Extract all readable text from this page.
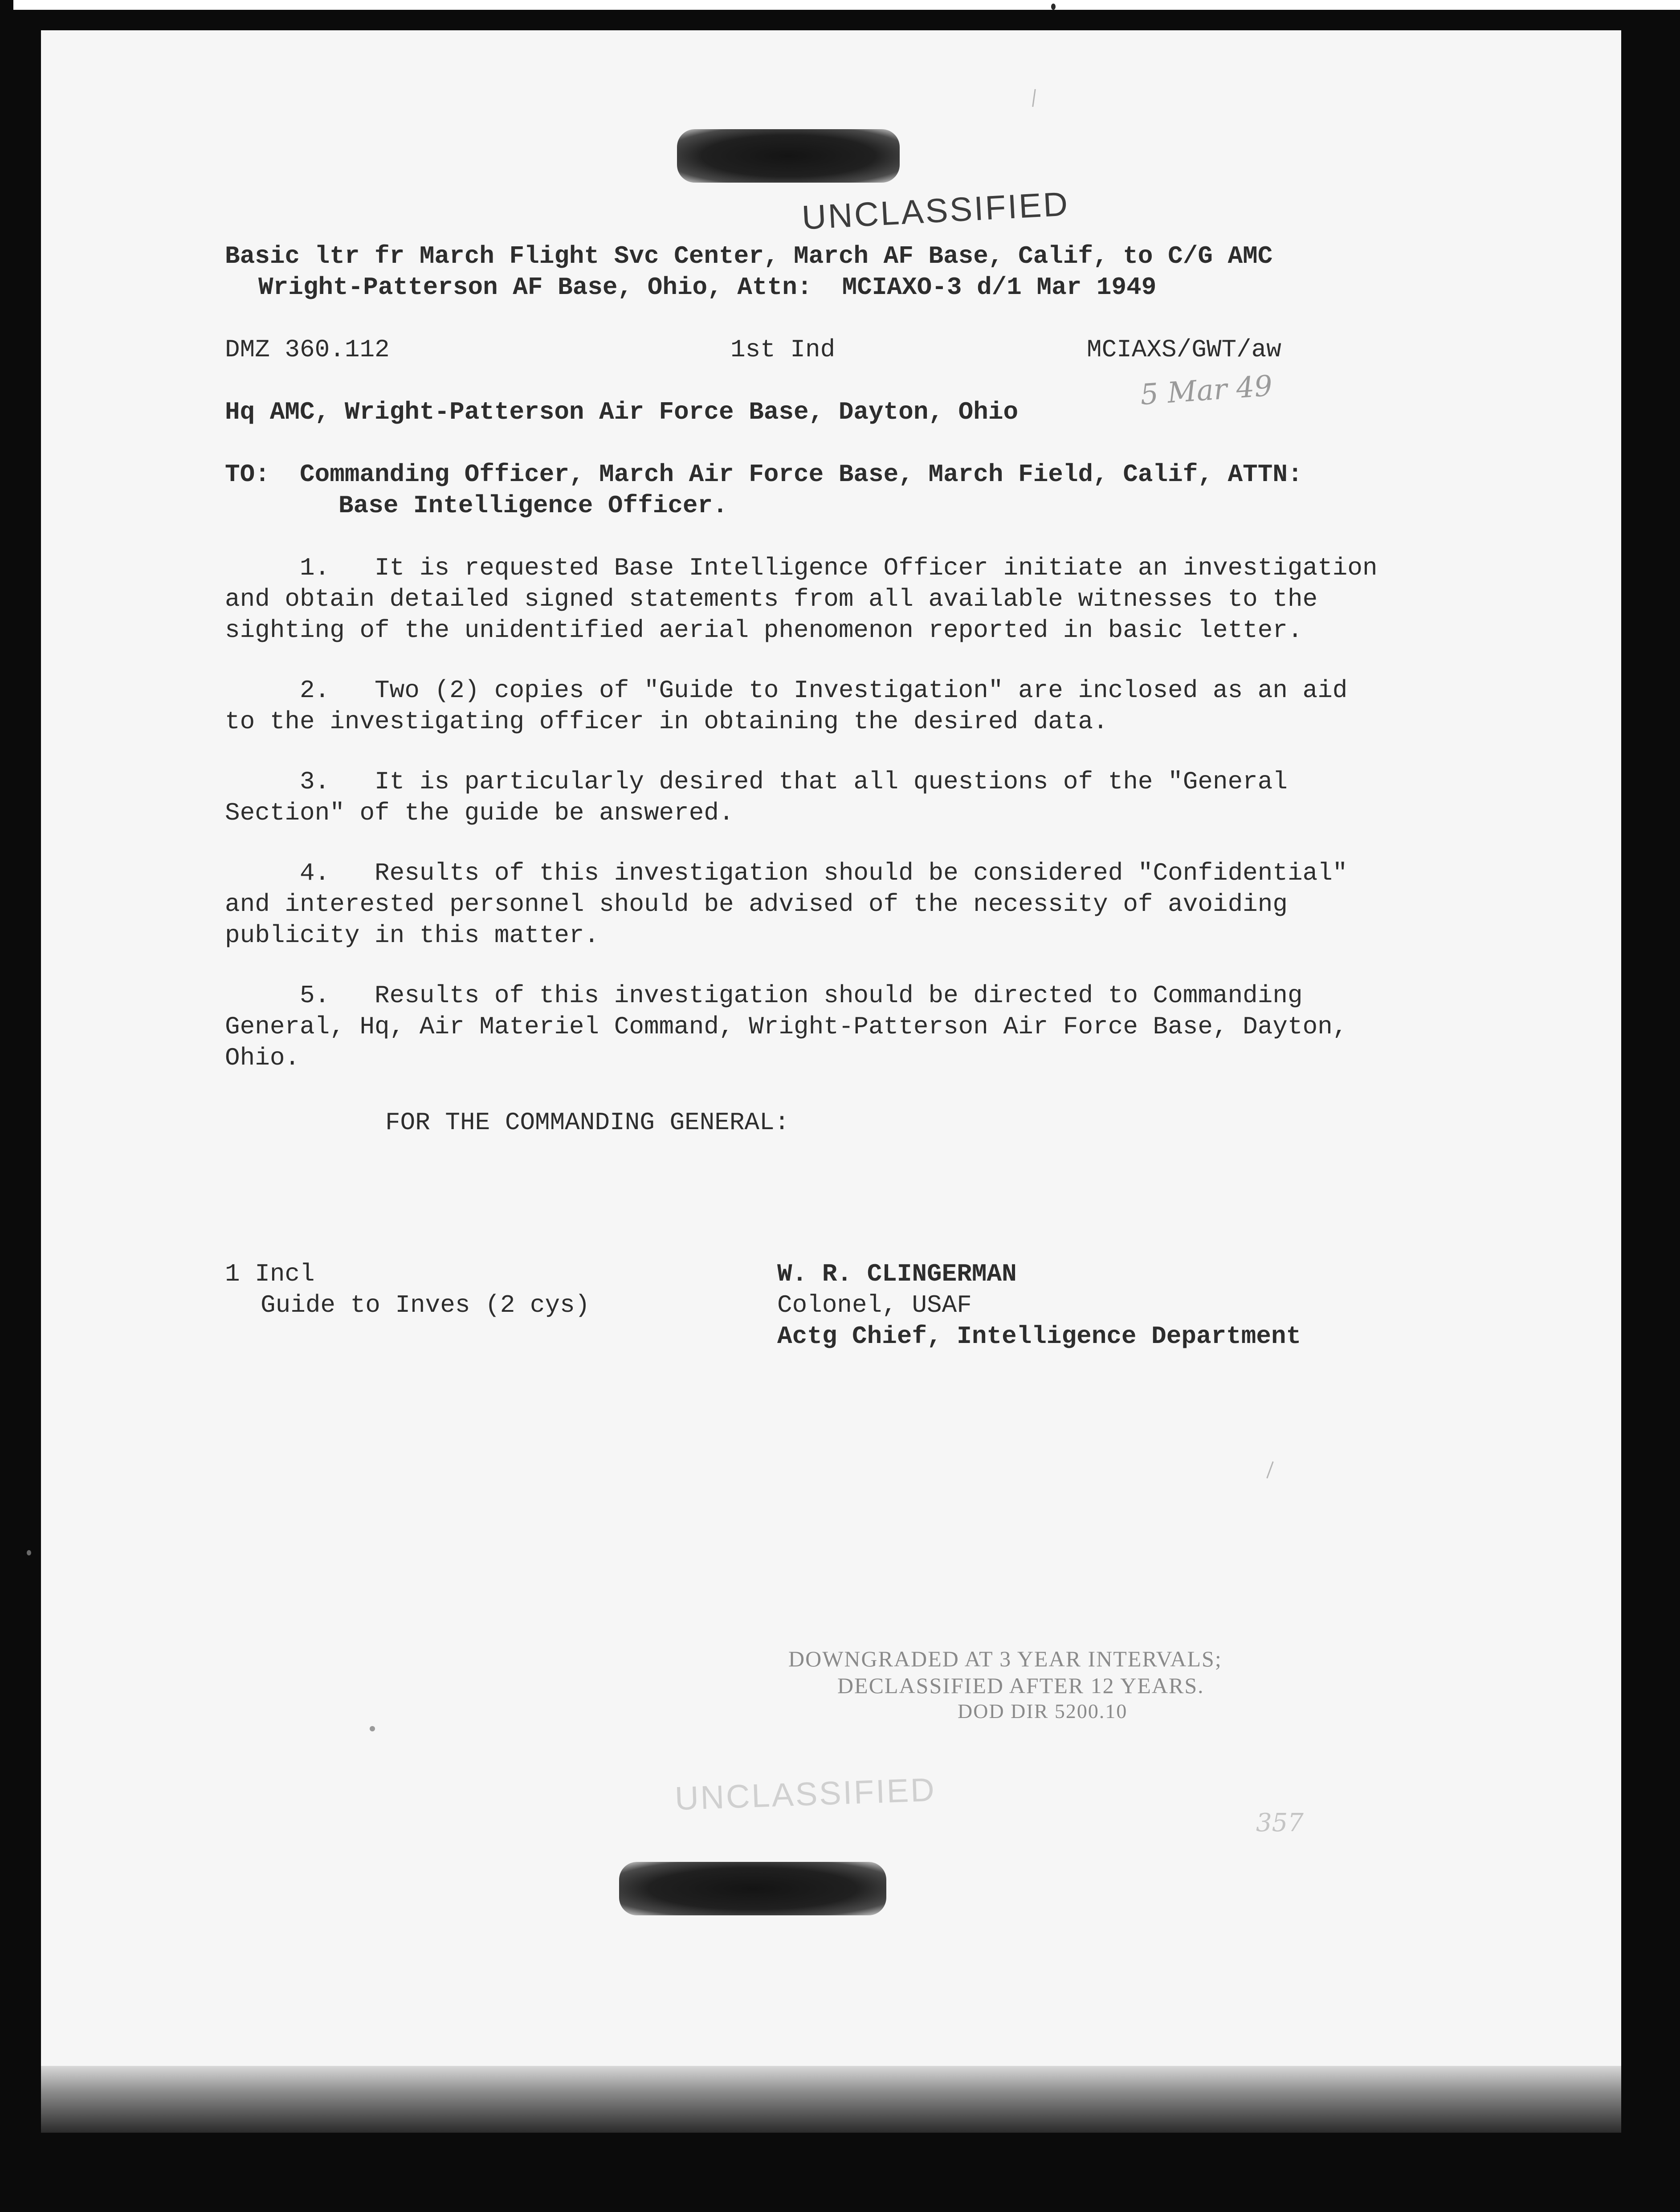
UNCLASSIFIED
Basic ltr fr March Flight Svc Center, March AF Base, Calif, to C/G AMC
Wright-Patterson AF Base, Ohio, Attn:  MCIAXO-3 d/1 Mar 1949
DMZ 360.112	1st Ind	MCIAXS/GWT/aw
5 Mar 49
Hq AMC, Wright-Patterson Air Force Base, Dayton, Ohio
TO:  Commanding Officer, March Air Force Base, March Field, Calif, ATTN:
Base Intelligence Officer.
1.   It is requested Base Intelligence Officer initiate an investigation
and obtain detailed signed statements from all available witnesses to the
sighting of the unidentified aerial phenomenon reported in basic letter.
2.   Two (2) copies of "Guide to Investigation" are inclosed as an aid
to the investigating officer in obtaining the desired data.
3.   It is particularly desired that all questions of the "General
Section" of the guide be answered.
4.   Results of this investigation should be considered "Confidential"
and interested personnel should be advised of the necessity of avoiding
publicity in this matter.
5.   Results of this investigation should be directed to Commanding
General, Hq, Air Materiel Command, Wright-Patterson Air Force Base, Dayton,
Ohio.
FOR THE COMMANDING GENERAL:
1 Incl
Guide to Inves (2 cys)
W. R. CLINGERMAN
Colonel, USAF
Actg Chief, Intelligence Department
DOWNGRADED AT 3 YEAR INTERVALS;
DECLASSIFIED AFTER 12 YEARS.
DOD DIR 5200.10
UNCLASSIFIED
357
